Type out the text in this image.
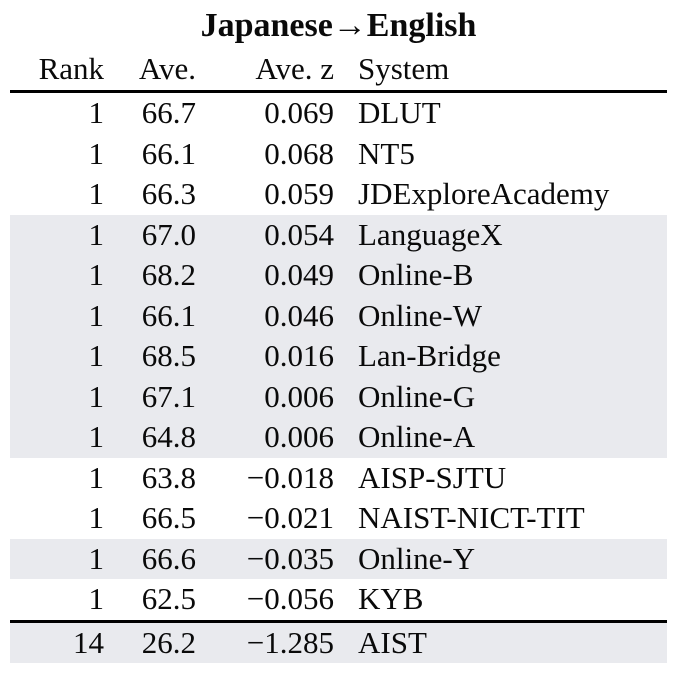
Japanese→English
Rank	Ave.	Ave. z	System
1	66.7	0.069	DLUT
1	66.1	0.068	NT5
1	66.3	0.059	JDExploreAcademy
1	67.0	0.054	LanguageX
1	68.2	0.049	Online-B
1	66.1	0.046	Online-W
1	68.5	0.016	Lan-Bridge
1	67.1	0.006	Online-G
1	64.8	0.006	Online-A
1	63.8	−0.018	AISP-SJTU
1	66.5	−0.021	NAIST-NICT-TIT
1	66.6	−0.035	Online-Y
1	62.5	−0.056	KYB
14	26.2	−1.285	AIST
